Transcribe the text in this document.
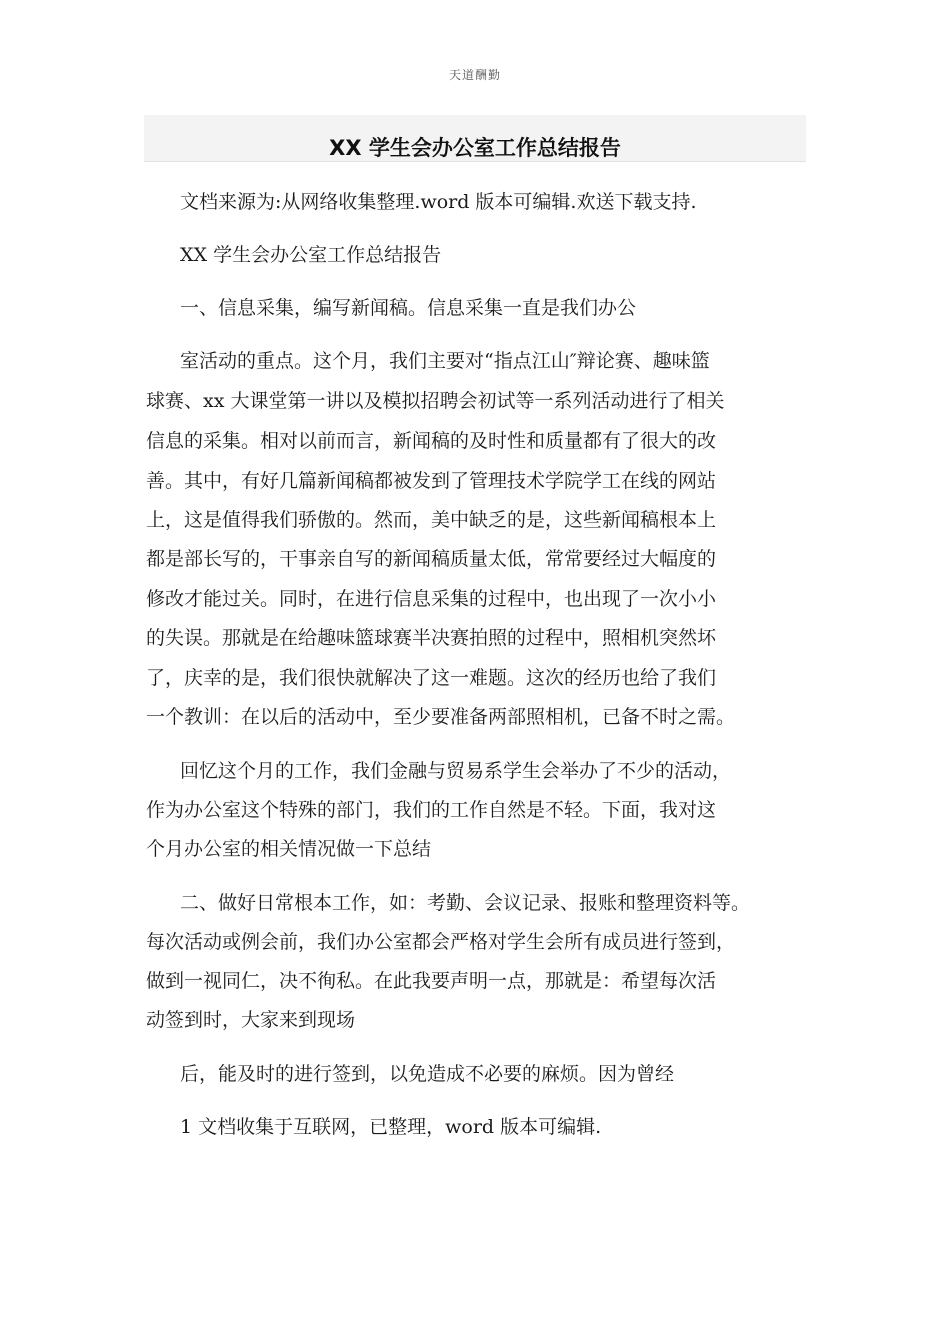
天道酬勤
XX 学生会办公室工作总结报告
文档来源为:从网络收集整理.word 版本可编辑.欢送下载支持.
XX 学生会办公室工作总结报告
一、信息采集，编写新闻稿。信息采集一直是我们办公
室活动的重点。这个月，我们主要对“指点江山″辩论赛、趣味篮
球赛、xx 大课堂第一讲以及模拟招聘会初试等一系列活动进行了相关
信息的采集。相对以前而言，新闻稿的及时性和质量都有了很大的改
善。其中，有好几篇新闻稿都被发到了管理技术学院学工在线的网站
上，这是值得我们骄傲的。然而，美中缺乏的是，这些新闻稿根本上
都是部长写的，干事亲自写的新闻稿质量太低，常常要经过大幅度的
修改才能过关。同时，在进行信息采集的过程中，也出现了一次小小
的失误。那就是在给趣味篮球赛半决赛拍照的过程中，照相机突然坏
了，庆幸的是，我们很快就解决了这一难题。这次的经历也给了我们
一个教训：在以后的活动中，至少要准备两部照相机，已备不时之需。
回忆这个月的工作，我们金融与贸易系学生会举办了不少的活动，
作为办公室这个特殊的部门，我们的工作自然是不轻。下面，我对这
个月办公室的相关情况做一下总结
二、做好日常根本工作，如：考勤、会议记录、报账和整理资料等。
每次活动或例会前，我们办公室都会严格对学生会所有成员进行签到，
做到一视同仁，决不徇私。在此我要声明一点，那就是：希望每次活
动签到时，大家来到现场
后，能及时的进行签到，以免造成不必要的麻烦。因为曾经
1 文档收集于互联网，已整理，word 版本可编辑.
